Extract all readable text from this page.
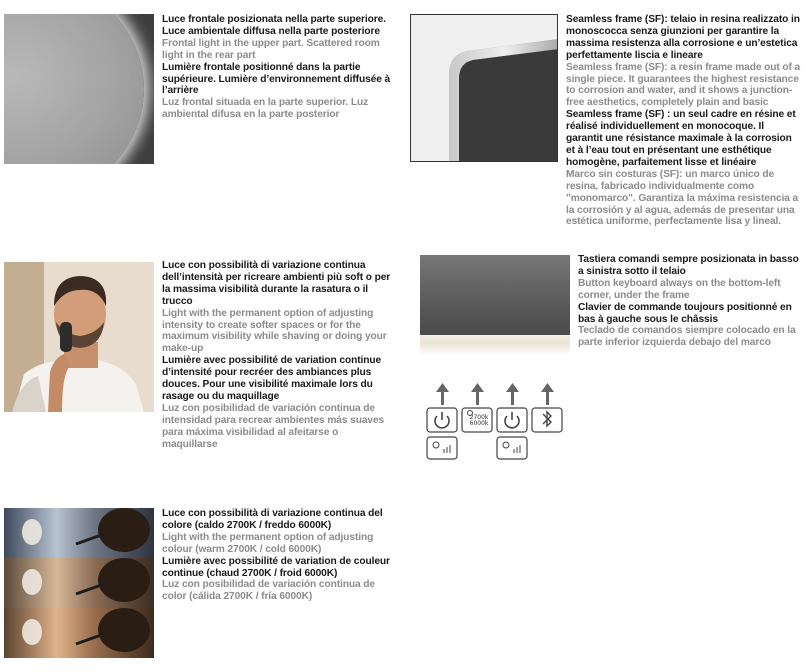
Luce frontale posizionata nella parte superiore. Luce ambientale diffusa nella parte posteriore

Frontal light in the upper part. Scattered room light in the rear part

Lumière frontale positionné dans la partie supérieure. Lumière d’environnement diffusée à l’arrière

Luz frontal situada en la parte superior. Luz ambiental difusa en la parte posterior

Seamless frame (SF): telaio in resina realizzato in monoscocca senza giunzioni per garantire la massima resistenza alla corrosione e un’estetica perfettamente liscia e lineare

Seamless frame (SF): a resin frame made out of a single piece. It guarantees the highest resistance to corrosion and water, and it shows a junction-free aesthetics, completely plain and basic

Seamless frame (SF) : un seul cadre en résine et réalisé individuellement en monocoque. Il garantit une résistance maximale à la corrosion et à l’eau tout en présentant une esthétique homogène, parfaitement lisse et linéaire

Marco sin costuras (SF): un marco único de resina, fabricado individualmente como "monomarco". Garantiza la máxima resistencia a la corrosión y al agua, además de presentar una estética uniforme, perfectamente lisa y lineal.

Luce con possibilità di variazione continua dell’intensità per ricreare ambienti più soft o per la massima visibilità durante la rasatura o il trucco

Light with the permanent option of adjusting intensity to create softer spaces or for the maximum visibility while shaving or doing your make-up

Lumière avec possibilité de variation continue d’intensité pour recréer des ambiances plus douces. Pour une visibilité maximale lors du rasage ou du maquillage

Luz con posibilidad de variación continua de intensidad para recrear ambientes más suaves para máxima visibilidad al afeitarse o maquillarse

2700k
6000k

Tastiera comandi sempre posizionata in basso a sinistra sotto il telaio

Button keyboard always on the bottom-left corner, under the frame

Clavier de commande toujours positionné en bas à gauche sous le châssis

Teclado de comandos siempre colocado en la parte inferior izquierda debajo del marco

Luce con possibilità di variazione continua del colore (caldo 2700K / freddo 6000K)

Light with the permanent option of adjusting colour (warm 2700K / cold 6000K)

Lumière avec possibilité de variation de couleur continue (chaud 2700K / froid 6000K)

Luz con posibilidad de variación continua de color (cálida 2700K / fría 6000K)
